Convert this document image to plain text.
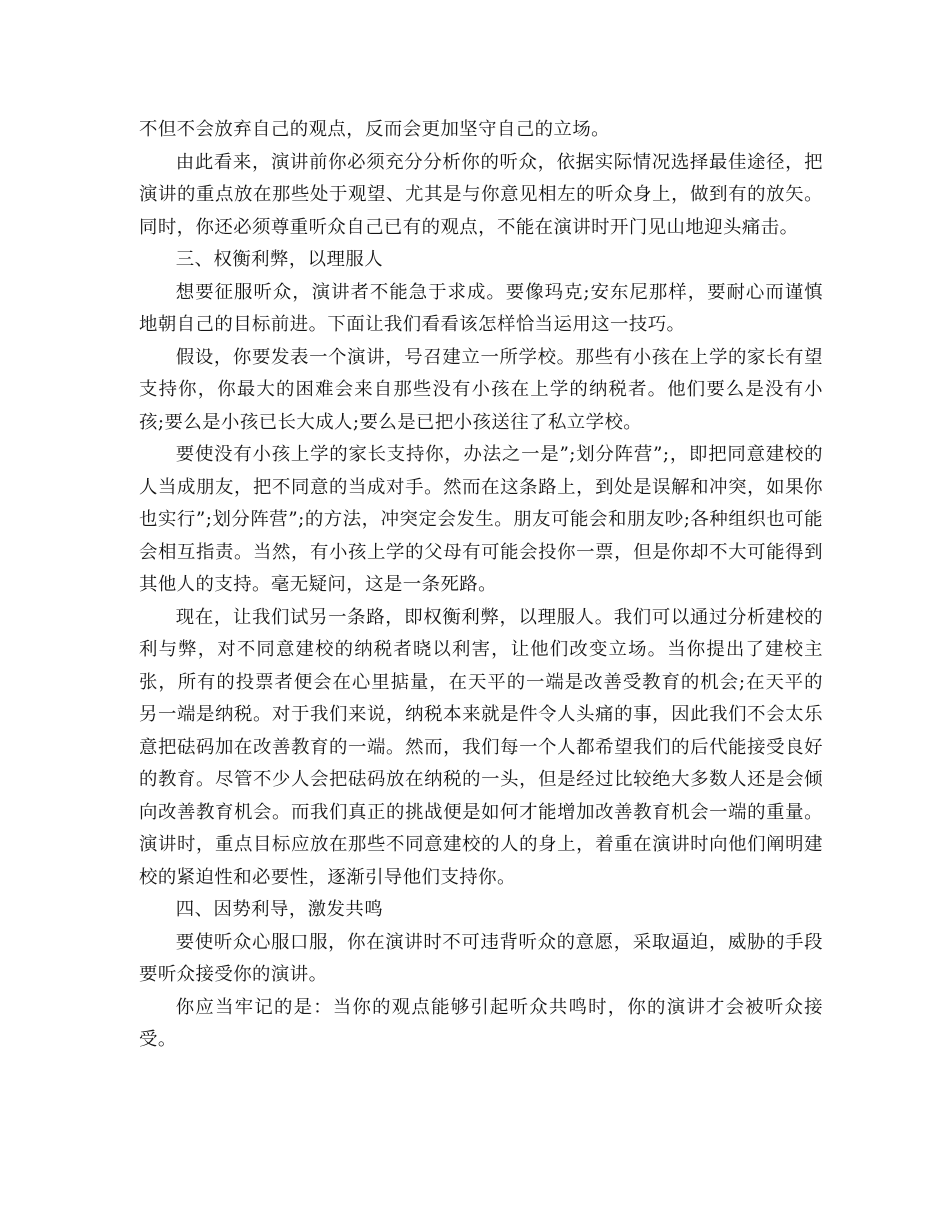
不但不会放弃自己的观点，反而会更加坚守自己的立场。

由此看来，演讲前你必须充分分析你的听众，依据实际情况选择最佳途径，把演讲的重点放在那些处于观望、尤其是与你意见相左的听众身上，做到有的放矢。同时，你还必须尊重听众自己已有的观点，不能在演讲时开门见山地迎头痛击。

三、权衡利弊，以理服人

想要征服听众，演讲者不能急于求成。要像玛克;安东尼那样，要耐心而谨慎地朝自己的目标前进。下面让我们看看该怎样恰当运用这一技巧。

假设，你要发表一个演讲，号召建立一所学校。那些有小孩在上学的家长有望支持你，你最大的困难会来自那些没有小孩在上学的纳税者。他们要么是没有小孩;要么是小孩已长大成人;要么是已把小孩送往了私立学校。

要使没有小孩上学的家长支持你，办法之一是”;划分阵营”;，即把同意建校的人当成朋友，把不同意的当成对手。然而在这条路上，到处是误解和冲突，如果你也实行”;划分阵营”;的方法，冲突定会发生。朋友可能会和朋友吵;各种组织也可能会相互指责。当然，有小孩上学的父母有可能会投你一票，但是你却不大可能得到其他人的支持。毫无疑问，这是一条死路。

现在，让我们试另一条路，即权衡利弊，以理服人。我们可以通过分析建校的利与弊，对不同意建校的纳税者晓以利害，让他们改变立场。当你提出了建校主张，所有的投票者便会在心里掂量，在天平的一端是改善受教育的机会;在天平的另一端是纳税。对于我们来说，纳税本来就是件令人头痛的事，因此我们不会太乐意把砝码加在改善教育的一端。然而，我们每一个人都希望我们的后代能接受良好的教育。尽管不少人会把砝码放在纳税的一头，但是经过比较绝大多数人还是会倾向改善教育机会。而我们真正的挑战便是如何才能增加改善教育机会一端的重量。演讲时，重点目标应放在那些不同意建校的人的身上，着重在演讲时向他们阐明建校的紧迫性和必要性，逐渐引导他们支持你。

四、因势利导，激发共鸣

要使听众心服口服，你在演讲时不可违背听众的意愿，采取逼迫，威胁的手段要听众接受你的演讲。

你应当牢记的是：当你的观点能够引起听众共鸣时，你的演讲才会被听众接受。
